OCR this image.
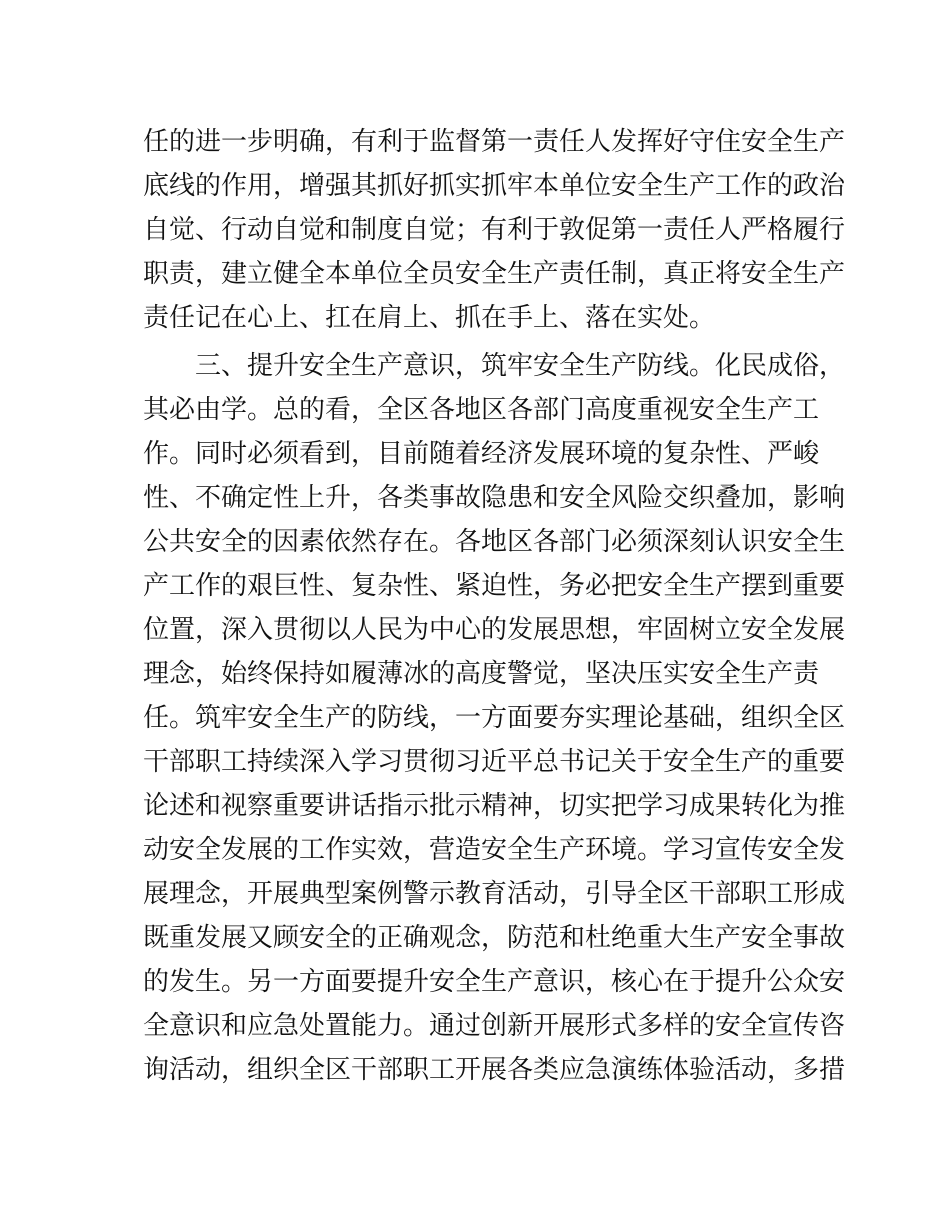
任的进一步明确，有利于监督第一责任人发挥好守住安全生产
底线的作用，增强其抓好抓实抓牢本单位安全生产工作的政治
自觉、行动自觉和制度自觉；有利于敦促第一责任人严格履行
职责，建立健全本单位全员安全生产责任制，真正将安全生产
责任记在心上、扛在肩上、抓在手上、落在实处。
三、提升安全生产意识，筑牢安全生产防线。化民成俗，
其必由学。总的看，全区各地区各部门高度重视安全生产工
作。同时必须看到，目前随着经济发展环境的复杂性、严峻
性、不确定性上升，各类事故隐患和安全风险交织叠加，影响
公共安全的因素依然存在。各地区各部门必须深刻认识安全生
产工作的艰巨性、复杂性、紧迫性，务必把安全生产摆到重要
位置，深入贯彻以人民为中心的发展思想，牢固树立安全发展
理念，始终保持如履薄冰的高度警觉，坚决压实安全生产责
任。筑牢安全生产的防线，一方面要夯实理论基础，组织全区
干部职工持续深入学习贯彻习近平总书记关于安全生产的重要
论述和视察重要讲话指示批示精神，切实把学习成果转化为推
动安全发展的工作实效，营造安全生产环境。学习宣传安全发
展理念，开展典型案例警示教育活动，引导全区干部职工形成
既重发展又顾安全的正确观念，防范和杜绝重大生产安全事故
的发生。另一方面要提升安全生产意识，核心在于提升公众安
全意识和应急处置能力。通过创新开展形式多样的安全宣传咨
询活动，组织全区干部职工开展各类应急演练体验活动，多措
